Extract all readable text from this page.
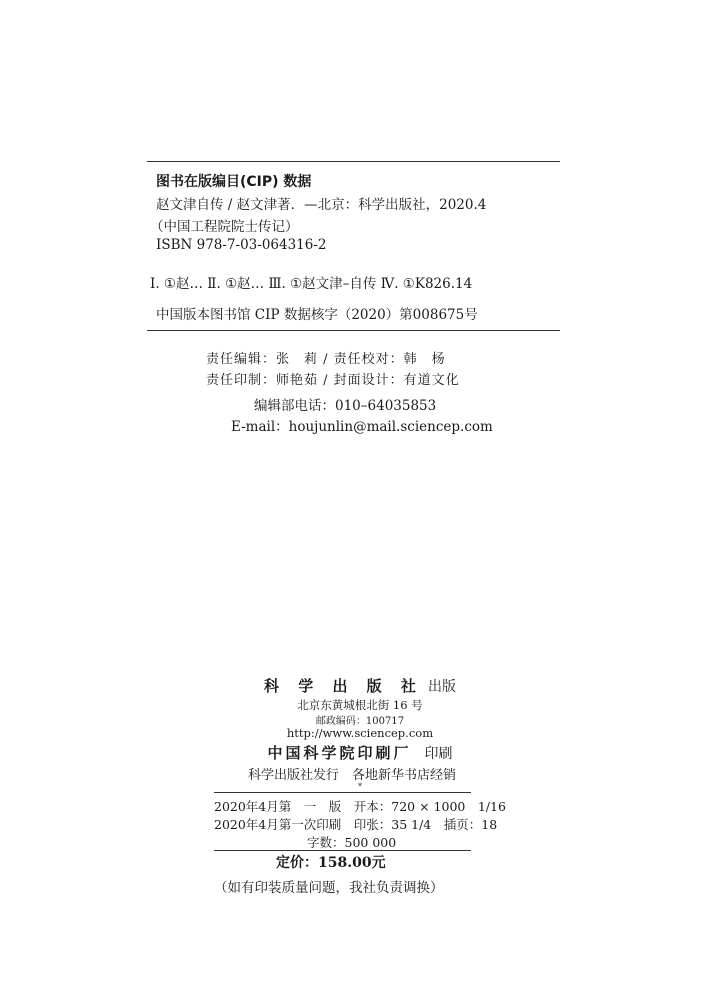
图书在版编目(CIP) 数据
赵文津自传 / 赵文津著．—北京：科学出版社，2020.4
（中国工程院院士传记）
ISBN 978-7-03-064316-2
Ⅰ. ①赵… Ⅱ. ①赵… Ⅲ. ①赵文津–自传 Ⅳ. ①K826.14
中国版本图书馆 CIP 数据核字（2020）第008675号
责任编辑：张　莉 / 责任校对：韩　杨
责任印制：师艳茹 / 封面设计：有道文化
编辑部电话：010–64035853
E-mail：houjunlin@mail.sciencep.com
科 学 出 版 社 出版
北京东黄城根北街 16 号
邮政编码：100717
http://www.sciencep.com
中国科学院印刷厂 印刷
科学出版社发行　各地新华书店经销
*
2020年4月第　一　版　开本：720 × 1000　1/16
2020年4月第一次印刷　印张：35 1/4　插页：18
字数：500 000
定价：158.00元
（如有印装质量问题，我社负责调换）
